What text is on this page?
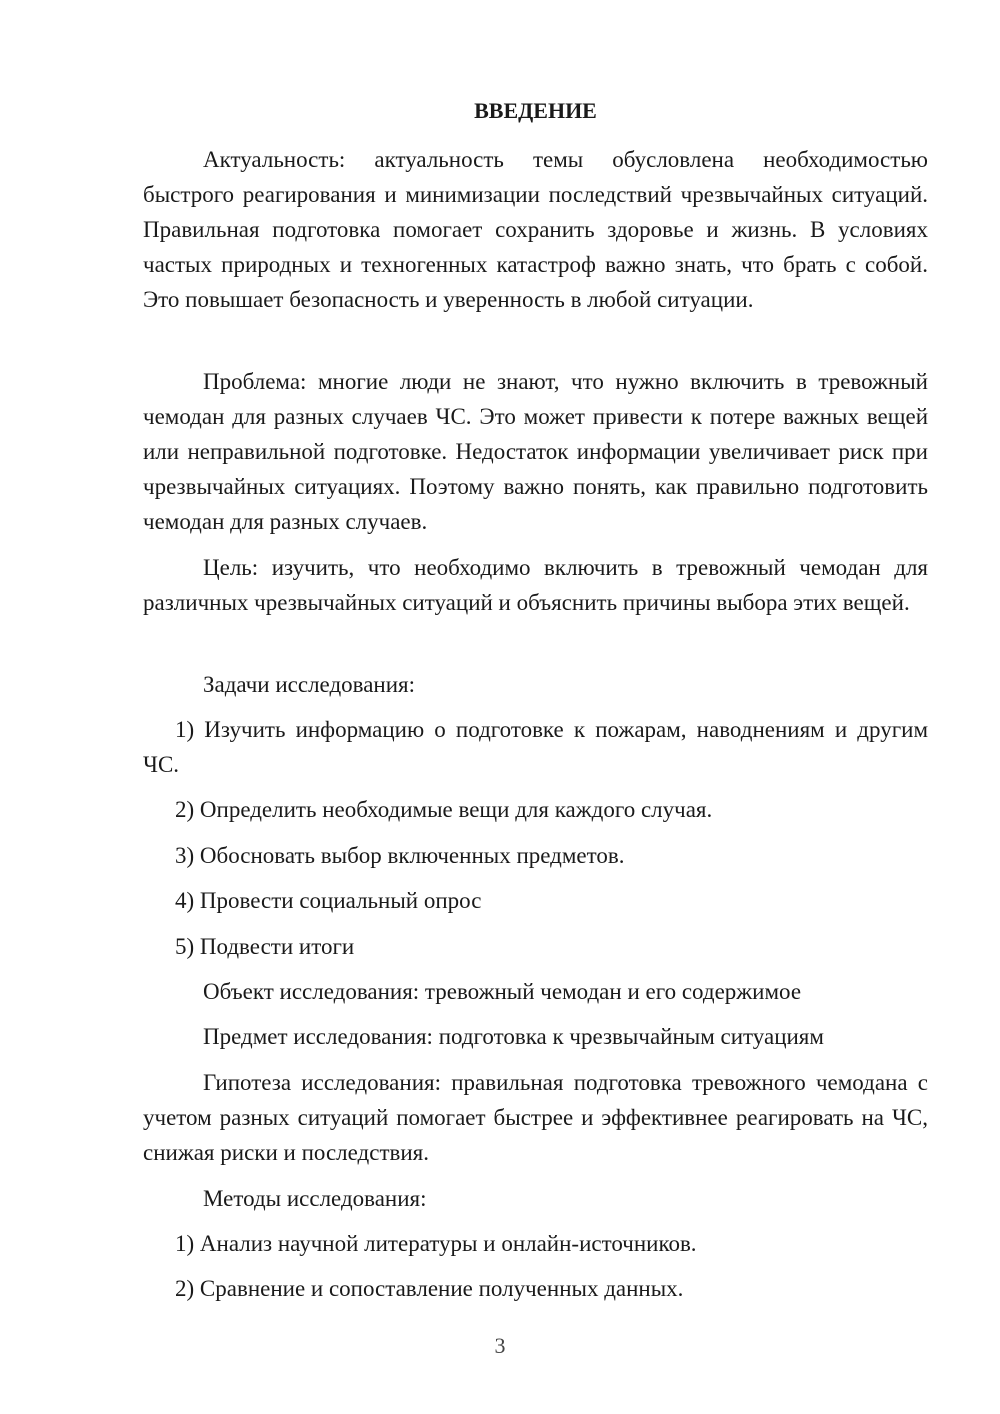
ВВЕДЕНИЕ

Актуальность: актуальность темы обусловлена необходимостью быстрого реагирования и минимизации последствий чрезвычайных ситуаций. Правильная подготовка помогает сохранить здоровье и жизнь. В условиях частых природных и техногенных катастроф важно знать, что брать с собой. Это повышает безопасность и уверенность в любой ситуации.

Проблема: многие люди не знают, что нужно включить в тревожный чемодан для разных случаев ЧС. Это может привести к потере важных вещей или неправильной подготовке. Недостаток информации увеличивает риск при чрезвычайных ситуациях. Поэтому важно понять, как правильно подготовить чемодан для разных случаев.

Цель: изучить, что необходимо включить в тревожный чемодан для различных чрезвычайных ситуаций и объяснить причины выбора этих вещей.

Задачи исследования:

1) Изучить информацию о подготовке к пожарам, наводнениям и другим ЧС.

2) Определить необходимые вещи для каждого случая.

3) Обосновать выбор включенных предметов.

4) Провести социальный опрос

5) Подвести итоги

Объект исследования: тревожный чемодан и его содержимое

Предмет исследования: подготовка к чрезвычайным ситуациям

Гипотеза исследования: правильная подготовка тревожного чемодана с учетом разных ситуаций помогает быстрее и эффективнее реагировать на ЧС, снижая риски и последствия.

Методы исследования:

1) Анализ научной литературы и онлайн-источников.

2) Сравнение и сопоставление полученных данных.

3
